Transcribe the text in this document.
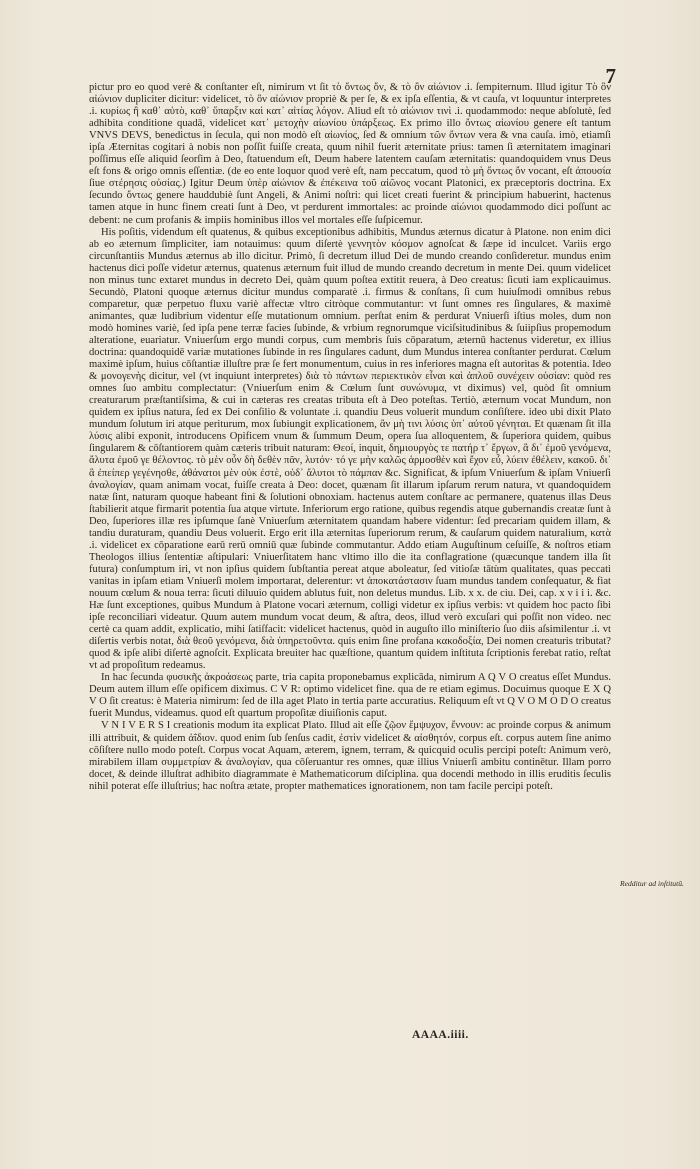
7

pictur pro eo quod verè & conſtanter eſt, nimirum vt ſit τὸ ὄντως ὄν, & τὸ ὂν αἰώνιον .i. ſempiternum. Illud igitur Τὸ ὂν αἰώνιον dupliciter dicitur: videlicet, τὸ ὂν αἰώνιον propriè & per ſe, & ex ipſa eſſentia, & vt cauſa, vt loquuntur interpretes .i. κυρίως ἢ καθ᾽ αὑτὸ, καθ᾽ ὕπαρξιν καὶ κατ᾽ αἰτίας λόγον. Aliud eſt τὸ αἰώνιον τινὶ .i. quodammodo: neque abſolutè, ſed adhibita conditione quadā, videlicet κατ᾽ μετοχὴν αἰωνίου ὑπάρξεως. Ex primo illo ὄντως αἰωνίου genere eſt tantum VNVS DEVS, benedictus in ſecula, qui non modò eſt αἰωνίος, ſed & omnium τῶν ὄντων vera & vna cauſa. imò, etiamſi ipſa Æternitas cogitari à nobis non poſſit fuiſſe creata, quum nihil fuerit æternitate prius: tamen ſi æternitatem imaginari poſſimus eſſe aliquid ſeorſim à Deo, ſtatuendum eſt, Deum habere latentem cauſam æternitatis: quandoquidem vnus Deus eſt fons & origo omnis eſſentiæ. (de eo ente loquor quod verè eſt, nam peccatum, quod τὸ μὴ ὄντως ὄν vocant, eſt ἀπουσία ſiue στέρησις οὐσίας.) Igitur Deum ὑπὲρ αἰώνιον & ἐπέκεινα τοῦ αἰῶνος vocant Platonici, ex præceptoris doctrina. Ex ſecundo ὄντως genere hauddubiè ſunt Angeli, & Animi noſtri: qui licet creati fuerint & principium habuerint, hactenus tamen atque in hunc finem creati ſunt à Deo, vt perdurent immortales: ac proinde αἰώνιοι quodammodo dici poſſunt ac debent: ne cum profanis & impiis hominibus illos vel mortales eſſe ſuſpicemur.

His poſitis, videndum eſt quatenus, & quibus exceptionibus adhibitis, Mundus æternus dicatur à Platone. non enim dici ab eo æternum ſimpliciter, iam notauimus: quum diſertè γεννητὸν κόσμον agnoſcat & ſæpe id inculcet. Variis ergo circunſtantiis Mundus æternus ab illo dicitur. Primò, ſi decretum illud Dei de mundo creando conſideretur. mundus enim hactenus dici poſſe videtur æternus, quatenus æternum fuit illud de mundo creando decretum in mente Dei. quum videlicet non minus tunc extaret mundus in decreto Dei, quàm quum poſtea extitit reuera, à Deo creatus: ſicuti iam explicauimus. Secundò, Platoni quoque æternus dicitur mundus comparatè .i. firmus & conſtans, ſi cum huiuſmodi omnibus rebus comparetur, quæ perpetuo fluxu variè affectæ vltro citròque commutantur: vt ſunt omnes res ſingulares, & maximè animantes, quæ ludibrium videntur eſſe mutationum omnium. perſtat enim & perdurat Vniuerſi iſtius moles, dum non modò homines variè, ſed ipſa pene terræ facies ſubinde, & vrbium regnorumque viciſsitudinibus & ſuiipſius propemodum alteratione, euariatur. Vniuerſum ergo mundi corpus, cum membris ſuis cōparatum, æternū hactenus videretur, ex illius doctrina: quandoquidē variæ mutationes ſubinde in res ſingulares cadunt, dum Mundus interea conſtanter perdurat. Cœlum maximè ipſum, huius cōſtantiæ illuſtre præ ſe fert monumentum, cuius in res inferiores magna eſt autoritas & potentia. Ideo & μονογενὴς dicitur, vel (vt inquiunt interpretes) διὰ τὸ πάντων περιεκτικὸν εἶναι καὶ ἀπλοῦ συνέχειν οὐσίαν: quòd res omnes ſuo ambitu complectatur: (Vniuerſum enim & Cœlum ſunt συνώνυμα, vt diximus) vel, quòd ſit omnium creaturarum præſtantiſsima, & cui in cæteras res creatas tributa eſt à Deo poteſtas. Tertiò, æternum vocat Mundum, non quidem ex ipſius natura, ſed ex Dei conſilio & voluntate .i. quandiu Deus voluerit mundum conſiſtere. ideo ubi dixit Plato mundum ſolutum iri atque periturum, mox ſubiungit explicationem, ἂν μὴ τινι λύσις ὑπ᾽ αὐτοῦ γένηται. Et quænam ſit illa λύσις alibi exponit, introducens Opificem vnum & ſummum Deum, opera ſua alloquentem, & ſuperiora quidem, quibus ſingularem & cōſtantiorem quàm cæteris tribuit naturam: Θεοί, inquit, δημιουργὸς τε πατήρ τ᾽ ἔργων, ἃ δι᾽ ἐμοῦ γενόμενα, ἄλυτα ἐμοῦ γε θέλοντος. τὸ μὲν οὖν δὴ δεθὲν πᾶν, λυτόν· τό γε μὴν καλῶς ἁρμοσθὲν καὶ ἔχον εὖ, λύειν ἐθέλειν, κακοῦ. δι᾽ ἃ ἐπείπερ γεγένησθε, ἀθάνατοι μὲν οὐκ ἐστὲ, οὐδ᾽ ἄλυτοι τὸ πάμπαν &c. Significat, & ipſum Vniuerſum & ipſam Vniuerſi ἀναλογίαν, quam animam vocat, fuiſſe creata à Deo: docet, quænam ſit illarum ipſarum rerum natura, vt quandoquidem natæ ſint, naturam quoque habeant fini & ſolutioni obnoxiam. hactenus autem conſtare ac permanere, quatenus illas Deus ſtabilierit atque firmarit potentia ſua atque virtute. Inferiorum ergo ratione, quibus regendis atque gubernandis creatæ ſunt à Deo, ſuperiores illæ res ipſumque ſanè Vniuerſum æternitatem quandam habere videntur: ſed precariam quidem illam, & tandiu duraturam, quandiu Deus voluerit. Ergo erit illa æternitas ſuperiorum rerum, & cauſarum quidem naturalium, κατὰ .i. videlicet ex cōparatione earū rerū omniū quæ ſubinde commutantur. Addo etiam Auguſtinum ceſuiſſe, & noſtros etiam Theologos illius ſententiæ aſtipulari: Vniuerſitatem hanc vltimo illo die ita conflagratione (quæcunque tandem illa ſit futura) conſumptum iri, vt non ipſius quidem ſubſtantia pereat atque aboleatur, ſed vitioſæ tātùm qualitates, quas peccati vanitas in ipſam etiam Vniuerſi molem importarat, delerentur: vt ἀποκατάστασιν ſuam mundus tandem conſequatur, & fiat nouum cœlum & noua terra: ſicuti diluuio quidem ablutus fuit, non deletus mundus. Lib. x x. de ciu. Dei, cap. x v i i i. &c. Hæ ſunt exceptiones, quibus Mundum à Platone vocari æternum, colligi videtur ex ipſius verbis: vt quidem hoc pacto ſibi ipſe reconciliari videatur. Quum autem mundum vocat deum, & aſtra, deos, illud verò excuſari qui poſſit non video. nec certè ca quam addit, explicatio, mihi ſatiſfacit: videlicet hactenus, quòd in auguſto illo miniſterio ſuo diis aſsimilentur .i. vt diſertis verbis notat, διὰ θεοῦ γενόμενα, διὰ ὑπηρετοῦντα. quis enim ſine profana κακοδοξία, Dei nomen creaturis tributat? quod & ipſe alibi diſertè agnoſcit. Explicata breuiter hac quæſtione, quantum quidem inſtituta ſcriptionis ferebat ratio, reſtat vt ad propoſitum redeamus.

In hac ſecunda φυσικῆς ἀκροάσεως parte, tria capita proponebamus explicāda, nimirum A Q V O creatus eſſet Mundus. Deum autem illum eſſe opificem diximus. C V R: optimo videlicet fine. qua de re etiam egimus. Docuimus quoque E X Q V O ſit creatus: è Materia nimirum: ſed de illa aget Plato in tertia parte accuratius. Reliquum eſt vt Q V O M O D O creatus fuerit Mundus, videamus. quod eſt quartum propoſitæ diuiſionis caput.

V N I V E R S I creationis modum ita explicat Plato. Illud ait eſſe ζῷον ἔμψυχον, ἔννουν: ac proinde corpus & animum illi attribuit, & quidem ἀΐδιον. quod enim ſub ſenſus cadit, ἐστὶν videlicet & αἰσθητόν, corpus eſt. corpus autem ſine animo cōſiſtere nullo modo poteſt. Corpus vocat Aquam, æterem, ignem, terram, & quicquid oculis percipi poteſt: Animum verò, mirabilem illam συμμετρίαν & ἀναλογίαν, qua cōſeruantur res omnes, quæ illius Vniuerſi ambitu continētur. Illam porro docet, & deinde illuſtrat adhibito diagrammate è Mathematicorum diſciplina. qua docendi methodo in illis eruditis ſeculis nihil poterat eſſe illuſtrius; hac noſtra ætate, propter mathematices ignorationem, non tam facile percipi poteſt.

Redditur ad inſtitutū.
AAAA.iiii.
